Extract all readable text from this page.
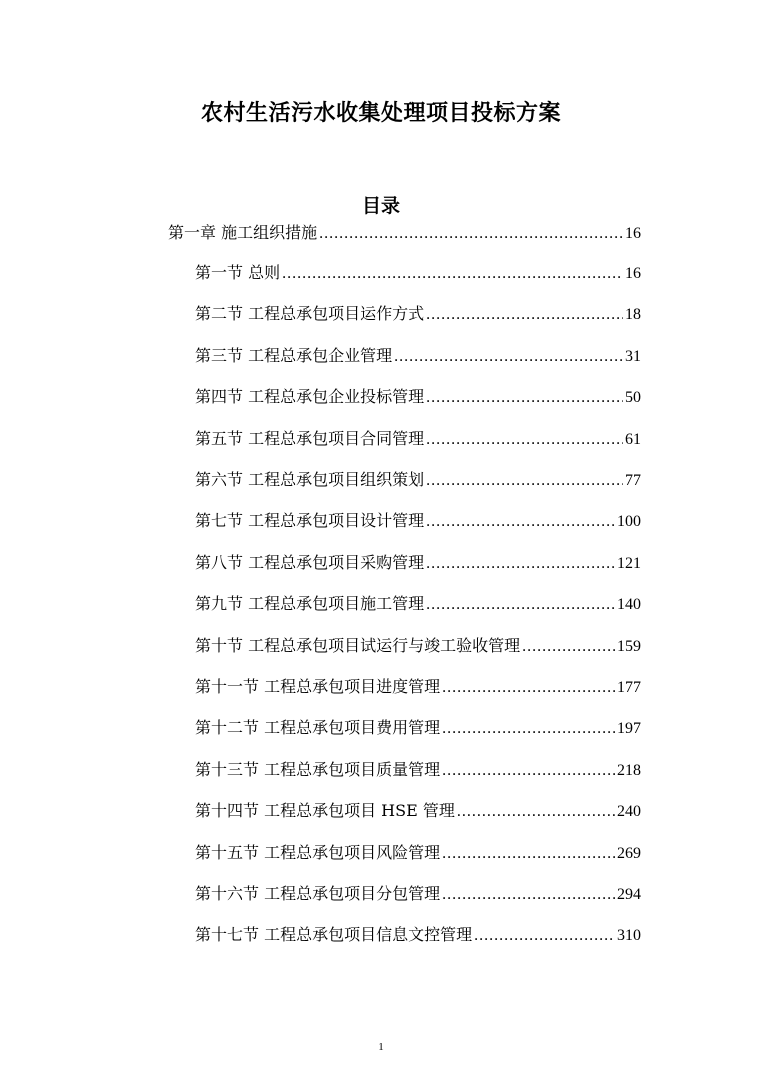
农村生活污水收集处理项目投标方案
目录
第一章 施工组织措施 .....	16
第一节 总则 .....	16
第二节 工程总承包项目运作方式 .....	18
第三节 工程总承包企业管理 .....	31
第四节 工程总承包企业投标管理 .....	50
第五节 工程总承包项目合同管理 .....	61
第六节 工程总承包项目组织策划 .....	77
第七节 工程总承包项目设计管理 .....	100
第八节 工程总承包项目采购管理 .....	121
第九节 工程总承包项目施工管理 .....	140
第十节 工程总承包项目试运行与竣工验收管理 .....	159
第十一节 工程总承包项目进度管理 .....	177
第十二节 工程总承包项目费用管理 .....	197
第十三节 工程总承包项目质量管理 .....	218
第十四节 工程总承包项目 HSE 管理 .....	240
第十五节 工程总承包项目风险管理 .....	269
第十六节 工程总承包项目分包管理 .....	294
第十七节 工程总承包项目信息文控管理 .....	310
1
